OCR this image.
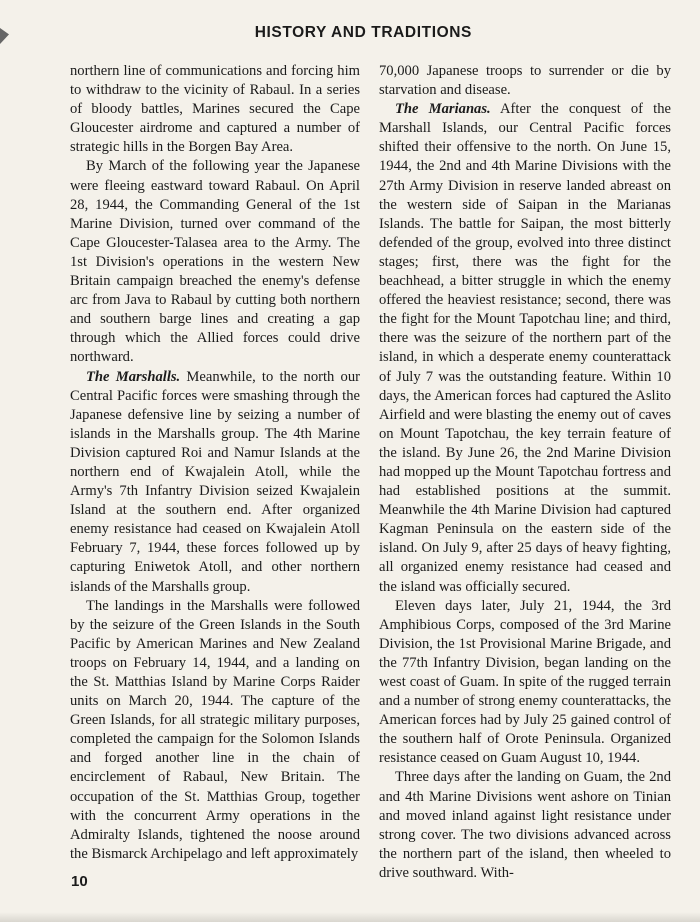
HISTORY AND TRADITIONS

northern line of communications and forcing him to withdraw to the vicinity of Rabaul. In a series of bloody battles, Marines secured the Cape Gloucester airdrome and captured a number of strategic hills in the Borgen Bay Area.

By March of the following year the Japanese were fleeing eastward toward Rabaul. On April 28, 1944, the Commanding General of the 1st Marine Division, turned over command of the Cape Gloucester-Talasea area to the Army. The 1st Division's operations in the western New Britain campaign breached the enemy's defense arc from Java to Rabaul by cutting both northern and southern barge lines and creating a gap through which the Allied forces could drive northward.

The Marshalls. Meanwhile, to the north our Central Pacific forces were smashing through the Japanese defensive line by seizing a number of islands in the Marshalls group. The 4th Marine Division captured Roi and Namur Islands at the northern end of Kwajalein Atoll, while the Army's 7th Infantry Division seized Kwajalein Island at the southern end. After organized enemy resistance had ceased on Kwajalein Atoll February 7, 1944, these forces followed up by capturing Eniwetok Atoll, and other northern islands of the Marshalls group.

The landings in the Marshalls were followed by the seizure of the Green Islands in the South Pacific by American Marines and New Zealand troops on February 14, 1944, and a landing on the St. Matthias Island by Marine Corps Raider units on March 20, 1944. The capture of the Green Islands, for all strategic military purposes, completed the campaign for the Solomon Islands and forged another line in the chain of encirclement of Rabaul, New Britain. The occupation of the St. Matthias Group, together with the concurrent Army operations in the Admiralty Islands, tightened the noose around the Bismarck Archipelago and left approximately

70,000 Japanese troops to surrender or die by starvation and disease.

The Marianas. After the conquest of the Marshall Islands, our Central Pacific forces shifted their offensive to the north. On June 15, 1944, the 2nd and 4th Marine Divisions with the 27th Army Division in reserve landed abreast on the western side of Saipan in the Marianas Islands. The battle for Saipan, the most bitterly defended of the group, evolved into three distinct stages; first, there was the fight for the beachhead, a bitter struggle in which the enemy offered the heaviest resistance; second, there was the fight for the Mount Tapotchau line; and third, there was the seizure of the northern part of the island, in which a desperate enemy counterattack of July 7 was the outstanding feature. Within 10 days, the American forces had captured the Aslito Airfield and were blasting the enemy out of caves on Mount Tapotchau, the key terrain feature of the island. By June 26, the 2nd Marine Division had mopped up the Mount Tapotchau fortress and had established positions at the summit. Meanwhile the 4th Marine Division had captured Kagman Peninsula on the eastern side of the island. On July 9, after 25 days of heavy fighting, all organized enemy resistance had ceased and the island was officially secured.

Eleven days later, July 21, 1944, the 3rd Amphibious Corps, composed of the 3rd Marine Division, the 1st Provisional Marine Brigade, and the 77th Infantry Division, began landing on the west coast of Guam. In spite of the rugged terrain and a number of strong enemy counterattacks, the American forces had by July 25 gained control of the southern half of Orote Peninsula. Organized resistance ceased on Guam August 10, 1944.

Three days after the landing on Guam, the 2nd and 4th Marine Divisions went ashore on Tinian and moved inland against light resistance under strong cover. The two divisions advanced across the northern part of the island, then wheeled to drive southward. With-

10
